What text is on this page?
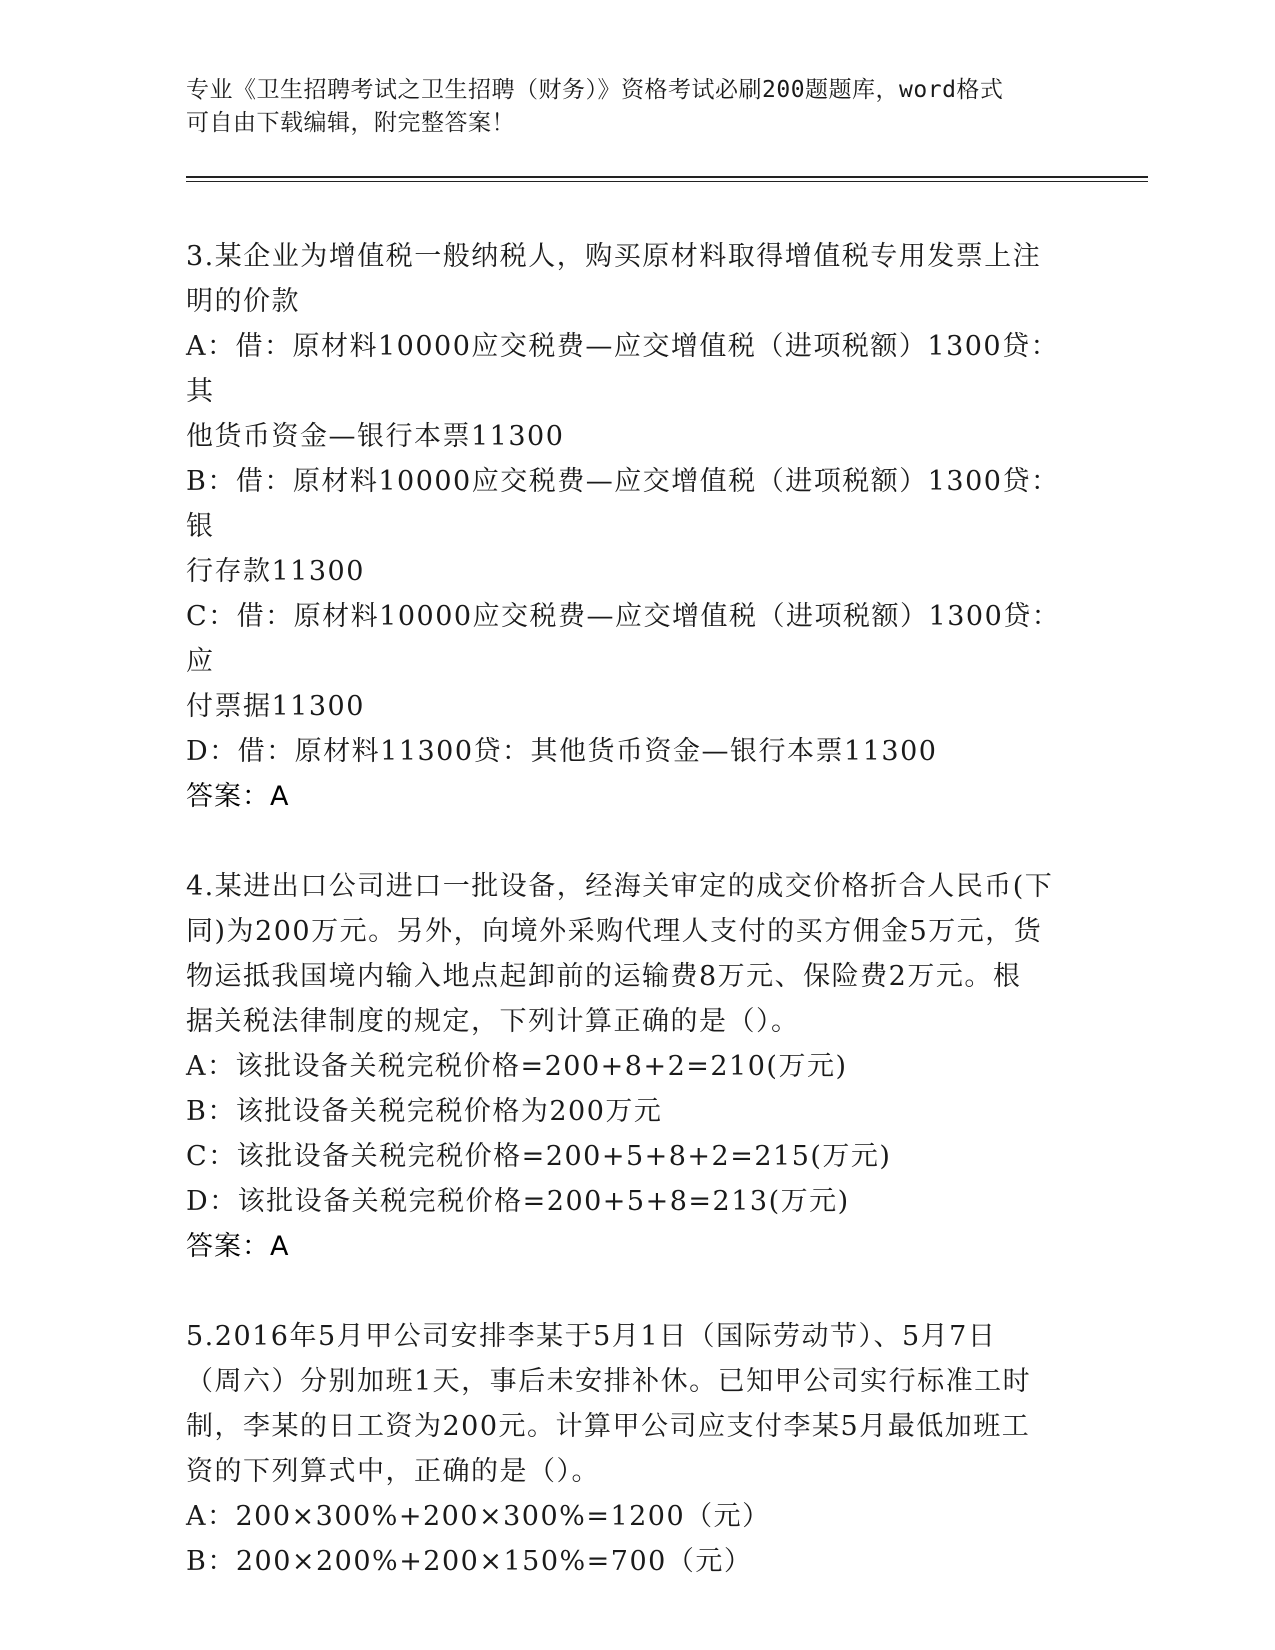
专业《卫生招聘考试之卫生招聘（财务）》资格考试必刷200题题库，word格式
可自由下载编辑，附完整答案！

3.某企业为增值税一般纳税人，购买原材料取得增值税专用发票上注

明的价款

A：借：原材料10000应交税费—应交增值税（进项税额）1300贷：其

他货币资金—银行本票11300

B：借：原材料10000应交税费—应交增值税（进项税额）1300贷：银

行存款11300

C：借：原材料10000应交税费—应交增值税（进项税额）1300贷：应

付票据11300

D：借：原材料11300贷：其他货币资金—银行本票11300

答案：A

4.某进出口公司进口一批设备，经海关审定的成交价格折合人民币(下

同)为200万元。另外，向境外采购代理人支付的买方佣金5万元，货

物运抵我国境内输入地点起卸前的运输费8万元、保险费2万元。根

据关税法律制度的规定，下列计算正确的是（）。

A：该批设备关税完税价格=200+8+2=210(万元)

B：该批设备关税完税价格为200万元

C：该批设备关税完税价格=200+5+8+2=215(万元)

D：该批设备关税完税价格=200+5+8=213(万元)

答案：A

5.2016年5月甲公司安排李某于5月1日（国际劳动节）、5月7日

（周六）分别加班1天，事后未安排补休。已知甲公司实行标准工时

制，李某的日工资为200元。计算甲公司应支付李某5月最低加班工

资的下列算式中，正确的是（）。

A：200×300%+200×300%=1200（元）

B：200×200%+200×150%=700（元）
